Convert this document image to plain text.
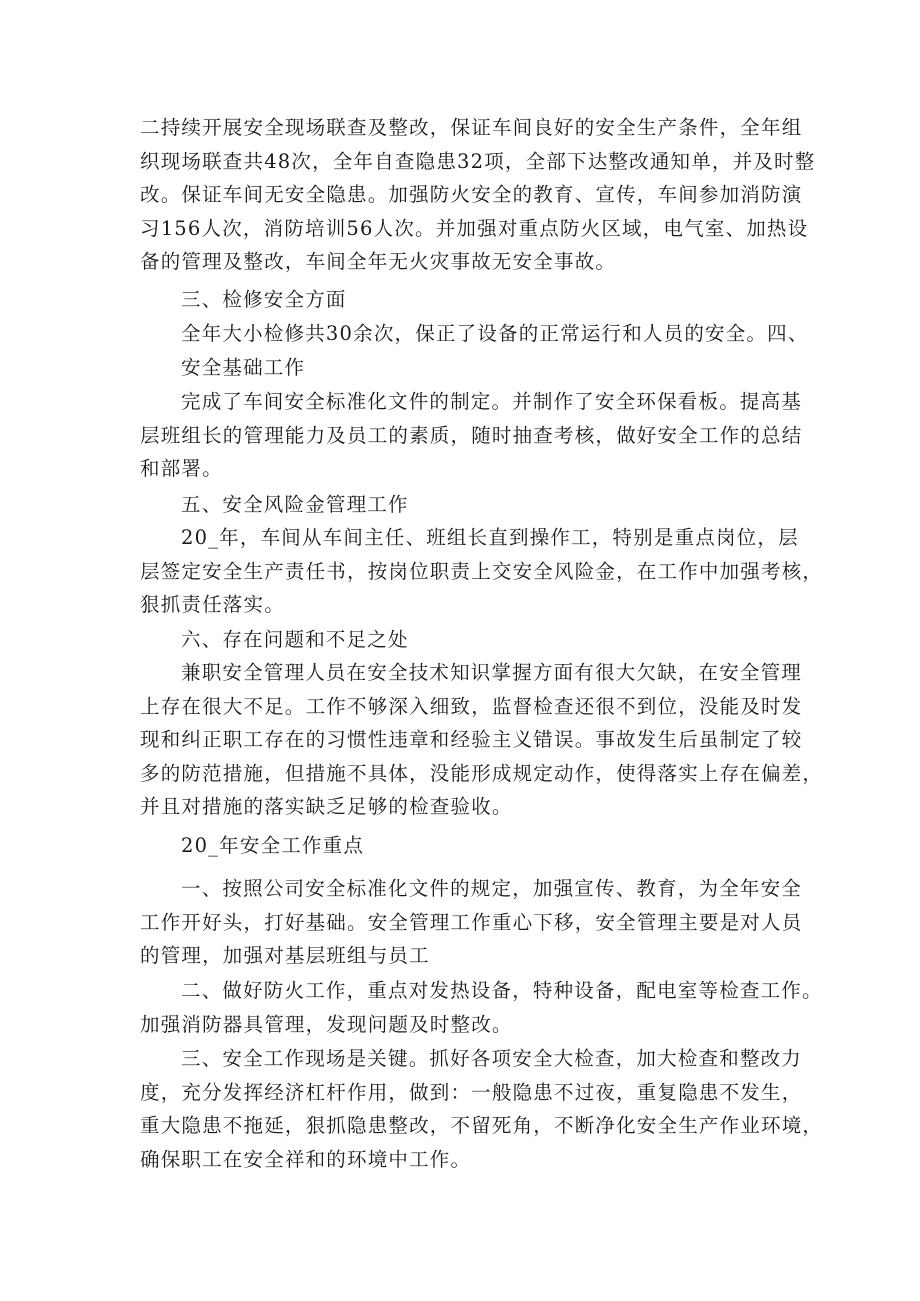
二持续开展安全现场联查及整改，保证车间良好的安全生产条件，全年组
织现场联查共48次，全年自查隐患32项，全部下达整改通知单，并及时整
改。保证车间无安全隐患。加强防火安全的教育、宣传，车间参加消防演
习156人次，消防培训56人次。并加强对重点防火区域，电气室、加热设
备的管理及整改，车间全年无火灾事故无安全事故。

三、检修安全方面

全年大小检修共30余次，保正了设备的正常运行和人员的安全。四、
安全基础工作

完成了车间安全标准化文件的制定。并制作了安全环保看板。提高基
层班组长的管理能力及员工的素质，随时抽查考核，做好安全工作的总结
和部署。

五、安全风险金管理工作

20_年，车间从车间主任、班组长直到操作工，特别是重点岗位，层
层签定安全生产责任书，按岗位职责上交安全风险金，在工作中加强考核，
狠抓责任落实。

六、存在问题和不足之处

兼职安全管理人员在安全技术知识掌握方面有很大欠缺，在安全管理
上存在很大不足。工作不够深入细致，监督检查还很不到位，没能及时发
现和纠正职工存在的习惯性违章和经验主义错误。事故发生后虽制定了较
多的防范措施，但措施不具体，没能形成规定动作，使得落实上存在偏差，
并且对措施的落实缺乏足够的检查验收。

20_年安全工作重点

一、按照公司安全标准化文件的规定，加强宣传、教育，为全年安全
工作开好头，打好基础。安全管理工作重心下移，安全管理主要是对人员
的管理，加强对基层班组与员工

二、做好防火工作，重点对发热设备，特种设备，配电室等检查工作。
加强消防器具管理，发现问题及时整改。

三、安全工作现场是关键。抓好各项安全大检查，加大检查和整改力
度，充分发挥经济杠杆作用，做到：一般隐患不过夜，重复隐患不发生，
重大隐患不拖延，狠抓隐患整改，不留死角，不断净化安全生产作业环境，
确保职工在安全祥和的环境中工作。
